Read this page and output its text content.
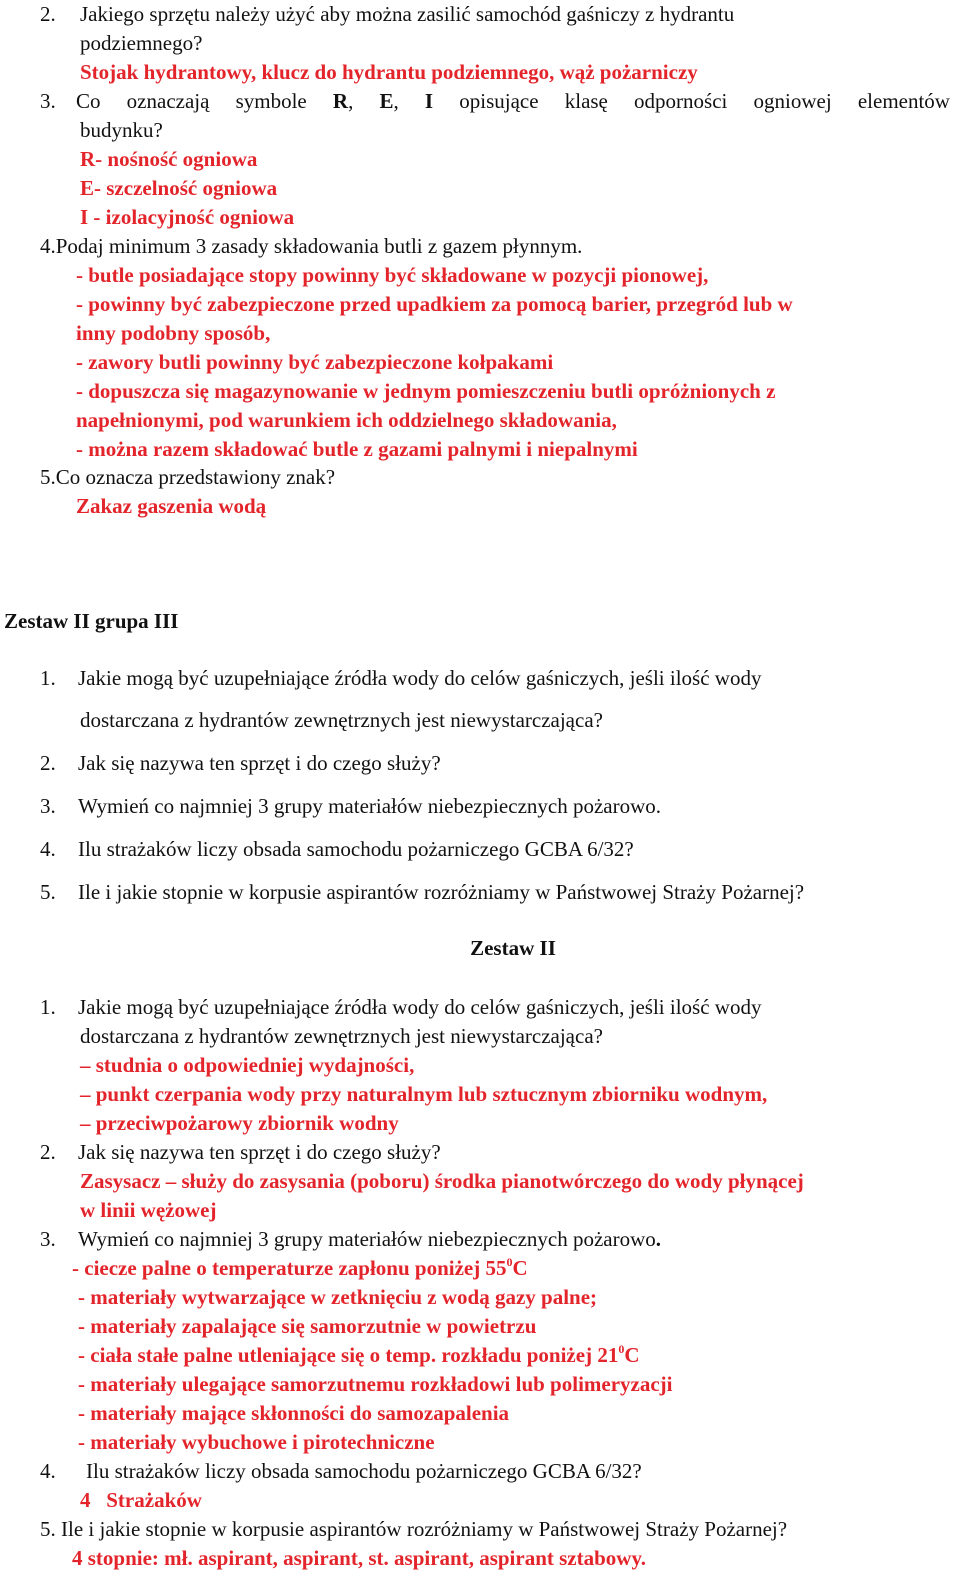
2. Jakiego sprzętu należy użyć aby można zasilić samochód gaśniczy z hydrantu
podziemnego?
Stojak hydrantowy, klucz do hydrantu podziemnego, wąż pożarniczy
3. Co oznaczają symbole R, E, I opisujące klasę odporności ogniowej elementów
budynku?
R- nośność ogniowa
E- szczelność ogniowa
I - izolacyjność ogniowa
4.Podaj minimum 3 zasady składowania butli z gazem płynnym.
- butle posiadające stopy powinny być składowane w pozycji pionowej,
- powinny być zabezpieczone przed upadkiem za pomocą barier, przegród lub w
inny podobny sposób,
- zawory butli powinny być zabezpieczone kołpakami
- dopuszcza się magazynowanie w jednym pomieszczeniu butli opróżnionych z
napełnionymi, pod warunkiem ich oddzielnego składowania,
- można razem składować butle z gazami palnymi i niepalnymi
5.Co oznacza przedstawiony znak?
Zakaz gaszenia wodą
Zestaw II grupa III
1. Jakie mogą być uzupełniające źródła wody do celów gaśniczych, jeśli ilość wody
dostarczana z hydrantów zewnętrznych jest niewystarczająca?
2. Jak się nazywa ten sprzęt i do czego służy?
3. Wymień co najmniej 3 grupy materiałów niebezpiecznych pożarowo.
4. Ilu strażaków liczy obsada samochodu pożarniczego GCBA 6/32?
5. Ile i jakie stopnie w korpusie aspirantów rozróżniamy w Państwowej Straży Pożarnej?
Zestaw II
1. Jakie mogą być uzupełniające źródła wody do celów gaśniczych, jeśli ilość wody
dostarczana z hydrantów zewnętrznych jest niewystarczająca?
– studnia o odpowiedniej wydajności,
– punkt czerpania wody przy naturalnym lub sztucznym zbiorniku wodnym,
– przeciwpożarowy zbiornik wodny
2. Jak się nazywa ten sprzęt i do czego służy?
Zasysacz – służy do zasysania (poboru) środka pianotwórczego do wody płynącej
w linii wężowej
3. Wymień co najmniej 3 grupy materiałów niebezpiecznych pożarowo.
- ciecze palne o temperaturze zapłonu poniżej $55^0C$
- materiały wytwarzające w zetknięciu z wodą gazy palne;
- materiały zapalające się samorzutnie w powietrzu
- ciała stałe palne utleniające się o temp. rozkładu poniżej $21^0C$
- materiały ulegające samorzutnemu rozkładowi lub polimeryzacji
- materiały mające skłonności do samozapalenia
- materiały wybuchowe i pirotechniczne
4. Ilu strażaków liczy obsada samochodu pożarniczego GCBA 6/32?
4   Strażaków
5. Ile i jakie stopnie w korpusie aspirantów rozróżniamy w Państwowej Straży Pożarnej?
4 stopnie: mł. aspirant, aspirant, st. aspirant, aspirant sztabowy.
